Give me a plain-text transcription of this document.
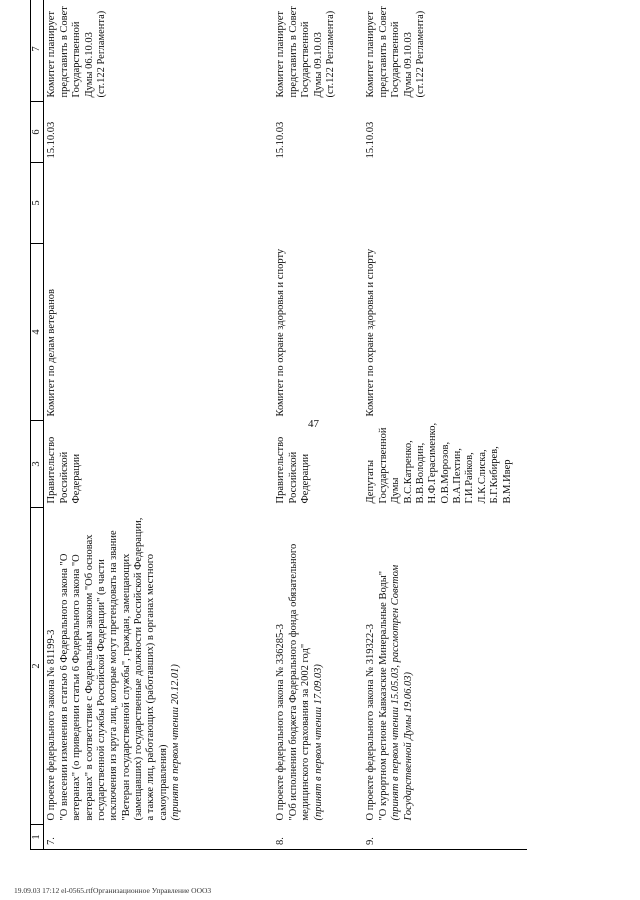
47
1	2	3	4	5	6	7
7.	О проекте федерального закона № 81199-3
"О внесении изменения в статью 6 Федерального закона "О ветеранах" (о приведении статьи 6 Федерального закона "О ветеранах" в соответствие с Федеральным законом "Об основах государственной службы Российской Федерации" (в части исключения из круга лиц, которые могут претендовать на звание "Ветеран государственной службы", граждан, замещающих (замещавших) государственные должности Российской Федерации, а также лиц, работающих (работавших) в органах местного самоуправления)
(принят в первом чтении 20.12.01)	Правительство Российской Федерации	Комитет по делам ветеранов		15.10.03	Комитет планирует представить в Совет Государственной Думы 06.10.03 (ст.122 Регламента)
8.	О проекте федерального закона № 336285-3
"Об исполнении бюджета Федерального фонда обязательного медицинского страхования за 2002 год"
(принят в первом чтении 17.09.03)	Правительство Российской Федерации	Комитет по охране здоровья и спорту		15.10.03	Комитет планирует представить в Совет Государственной Думы 09.10.03 (ст.122 Регламента)
9.	О проекте федерального закона № 319322-3
"О курортном регионе Кавказские Минеральные Воды"
(принят в первом чтении 15.05.03, рассмотрен Советом Государственной Думы 19.06.03)	Депутаты Государственной Думы В.С.Катренко, В.В.Володин, Н.Ф.Герасименко, О.В.Морозов, В.А.Пехтин, Г.И.Райков, Л.К.Слиска, Б.Г.Кибирев, В.М.Ивер	Комитет по охране здоровья и спорту		15.10.03	Комитет планирует представить в Совет Государственной Думы 09.10.03 (ст.122 Регламента)
19.09.03 17:12 el-0565.rtfОрганизационное Управление ООО3
